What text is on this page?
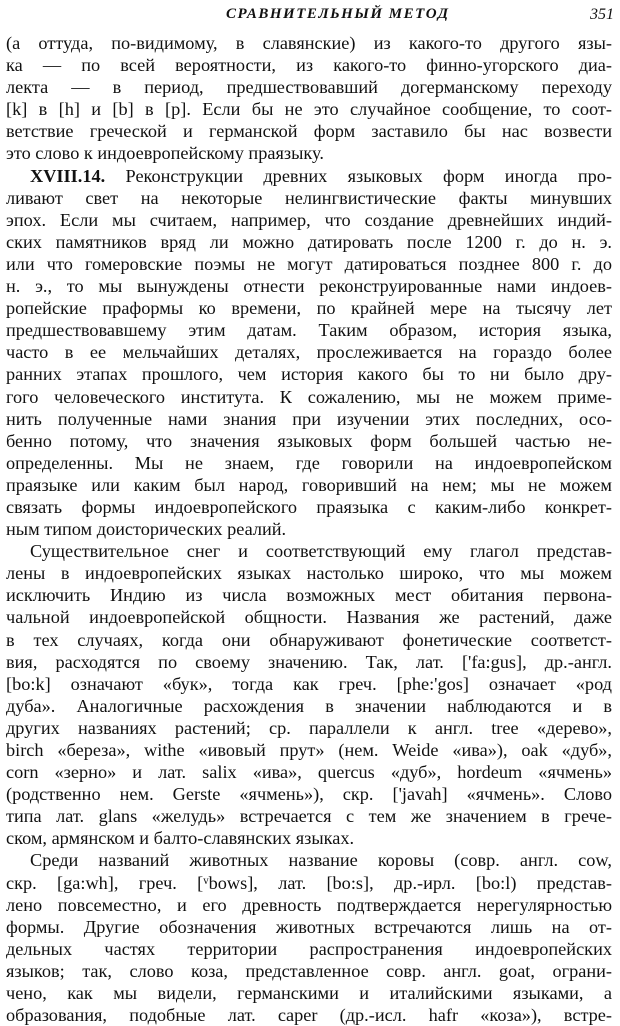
СРАВНИТЕЛЬНЫЙ МЕТОД	351
(а оттуда, по-видимому, в славянские) из какого-то другого язы-
ка — по всей вероятности, из какого-то финно-угорского диа-
лекта — в период, предшествовавший догерманскому переходу
[k] в [h] и [b] в [p]. Если бы не это случайное сообщение, то соот-
ветствие греческой и германской форм заставило бы нас возвести
это слово к индоевропейскому праязыку.
XVIII.14. Реконструкции древних языковых форм иногда про-
ливают свет на некоторые нелингвистические факты минувших
эпох. Если мы считаем, например, что создание древнейших индий-
ских памятников вряд ли можно датировать после 1200 г. до н. э.
или что гомеровские поэмы не могут датироваться позднее 800 г. до
н. э., то мы вынуждены отнести реконструированные нами индоев-
ропейские праформы ко времени, по крайней мере на тысячу лет
предшествовавшему этим датам. Таким образом, история языка,
часто в ее мельчайших деталях, прослеживается на гораздо более
ранних этапах прошлого, чем история какого бы то ни было дру-
гого человеческого института. К сожалению, мы не можем приме-
нить полученные нами знания при изучении этих последних, осо-
бенно потому, что значения языковых форм большей частью не-
определенны. Мы не знаем, где говорили на индоевропейском
праязыке или каким был народ, говоривший на нем; мы не можем
связать формы индоевропейского праязыка с каким-либо конкрет-
ным типом доисторических реалий.
Существительное снег и соответствующий ему глагол представ-
лены в индоевропейских языках настолько широко, что мы можем
исключить Индию из числа возможных мест обитания первона-
чальной индоевропейской общности. Названия же растений, даже
в тех случаях, когда они обнаруживают фонетические соответст-
вия, расходятся по своему значению. Так, лат. ['fa:gus], др.-англ.
[bo:k] означают «бук», тогда как греч. [phe:'gos] означает «род
дуба». Аналогичные расхождения в значении наблюдаются и в
других названиях растений; ср. параллели к англ. tree «дерево»,
birch «береза», withe «ивовый прут» (нем. Weide «ива»), oak «дуб»,
corn «зерно» и лат. salix «ива», quercus «дуб», hordeum «ячмень»
(родственно нем. Gerste «ячмень»), скр. ['javah] «ячмень». Слово
типа лат. glans «желудь» встречается с тем же значением в грече-
ском, армянском и балто-славянских языках.
Среди названий животных название коровы (совр. англ. cow,
скр. [ga:wh], греч. [ᵛbows], лат. [bo:s], др.-ирл. [bo:l) представ-
лено повсеместно, и его древность подтверждается нерегулярностью
формы. Другие обозначения животных встречаются лишь на от-
дельных частях территории распространения индоевропейских
языков; так, слово коза, представленное совр. англ. goat, ограни-
чено, как мы видели, германскими и италийскими языками, а
образования, подобные лат. caper (др.-исл. hafr «коза»), встре-
